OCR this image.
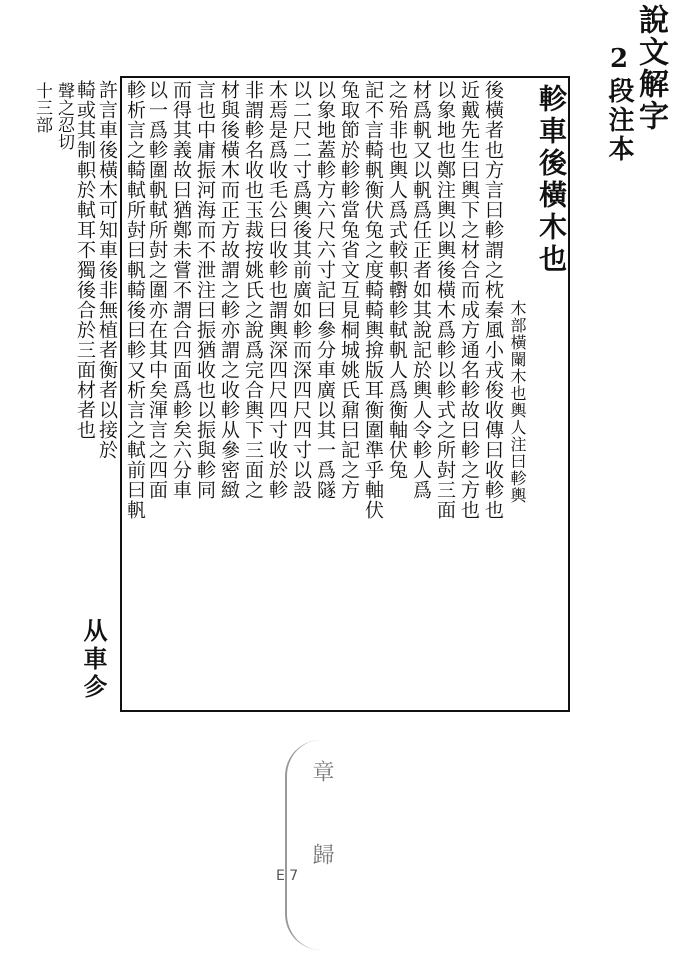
說文解字
2段注本
軫車後橫木也
木部橫闌木也輿人注曰軫輿
後橫者也方言曰軫謂之枕秦風小戎俊收傳曰收軫也
近戴先生曰輿下之材合而成方通名軫故曰軫之方也
以象地也鄭注輿以輿後橫木爲軫以軫式之所尌三面
材爲軓又以軓爲任正者如其說記於輿人令軫人爲
之殆非也輿人爲式較軹轛軫軾軓人爲衡軸伏兔
記不言輢軓衡伏兔之度輢輢輿揜版耳衡圍準乎軸伏
兔取節於軫軫當兔省文互見桐城姚氏鼐曰記之方
以象地蓋軫方六尺六寸記曰參分車廣以其一爲隧
以二尺二寸爲輿後其前廣如軫而深四尺四寸以設
木焉是爲收毛公曰收軫也謂輿深四尺四寸收於軫
非謂軫名收也玉裁按姚氏之說爲完合輿下三面之
材與後橫木而正方故謂之軫亦謂之收軫从參密緻
言也中庸振河海而不泄注曰振猶收也以振與軫同
而得其義故曰猶鄭未嘗不謂合四面爲軫矣六分車
以一爲軫圍軓軾所尌之圍亦在其中矣渾言之四面
軫析言之輢軾所尌曰軓輢後曰軫又析言之軾前曰軓
許言車後橫木可知車後非無植者衡者以接於
輢或其制軹於軾耳不獨後合於三面材者也
从車㐱
聲之忍切
十三部
章 歸
E 7
